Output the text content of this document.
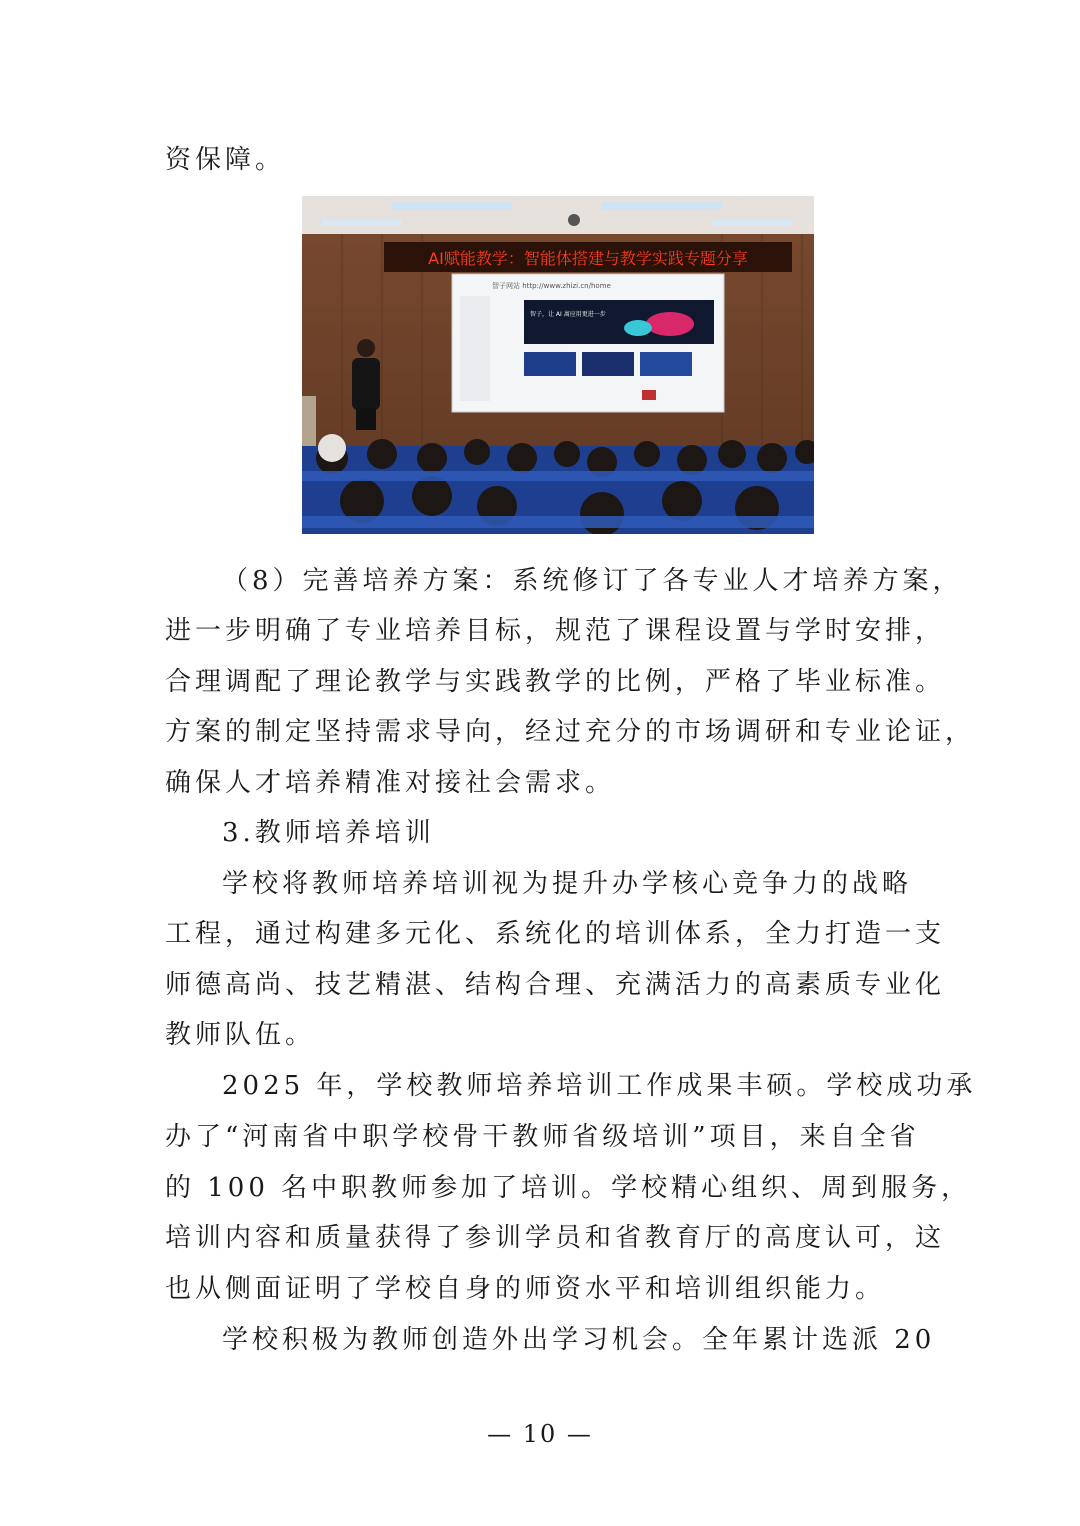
资保障。
AI赋能教学：智能体搭建与教学实践专题分享
智子网站 http://www.zhizi.cn/home
智子，让 AI 离应用更进一步
（8）完善培养方案：系统修订了各专业人才培养方案，
进一步明确了专业培养目标，规范了课程设置与学时安排，
合理调配了理论教学与实践教学的比例，严格了毕业标准。
方案的制定坚持需求导向，经过充分的市场调研和专业论证，
确保人才培养精准对接社会需求。
3.教师培养培训
学校将教师培养培训视为提升办学核心竞争力的战略
工程，通过构建多元化、系统化的培训体系，全力打造一支
师德高尚、技艺精湛、结构合理、充满活力的高素质专业化
教师队伍。
2025 年，学校教师培养培训工作成果丰硕。学校成功承
办了“河南省中职学校骨干教师省级培训”项目，来自全省
的 100 名中职教师参加了培训。学校精心组织、周到服务，
培训内容和质量获得了参训学员和省教育厅的高度认可，这
也从侧面证明了学校自身的师资水平和培训组织能力。
学校积极为教师创造外出学习机会。全年累计选派 20
— 10 —
